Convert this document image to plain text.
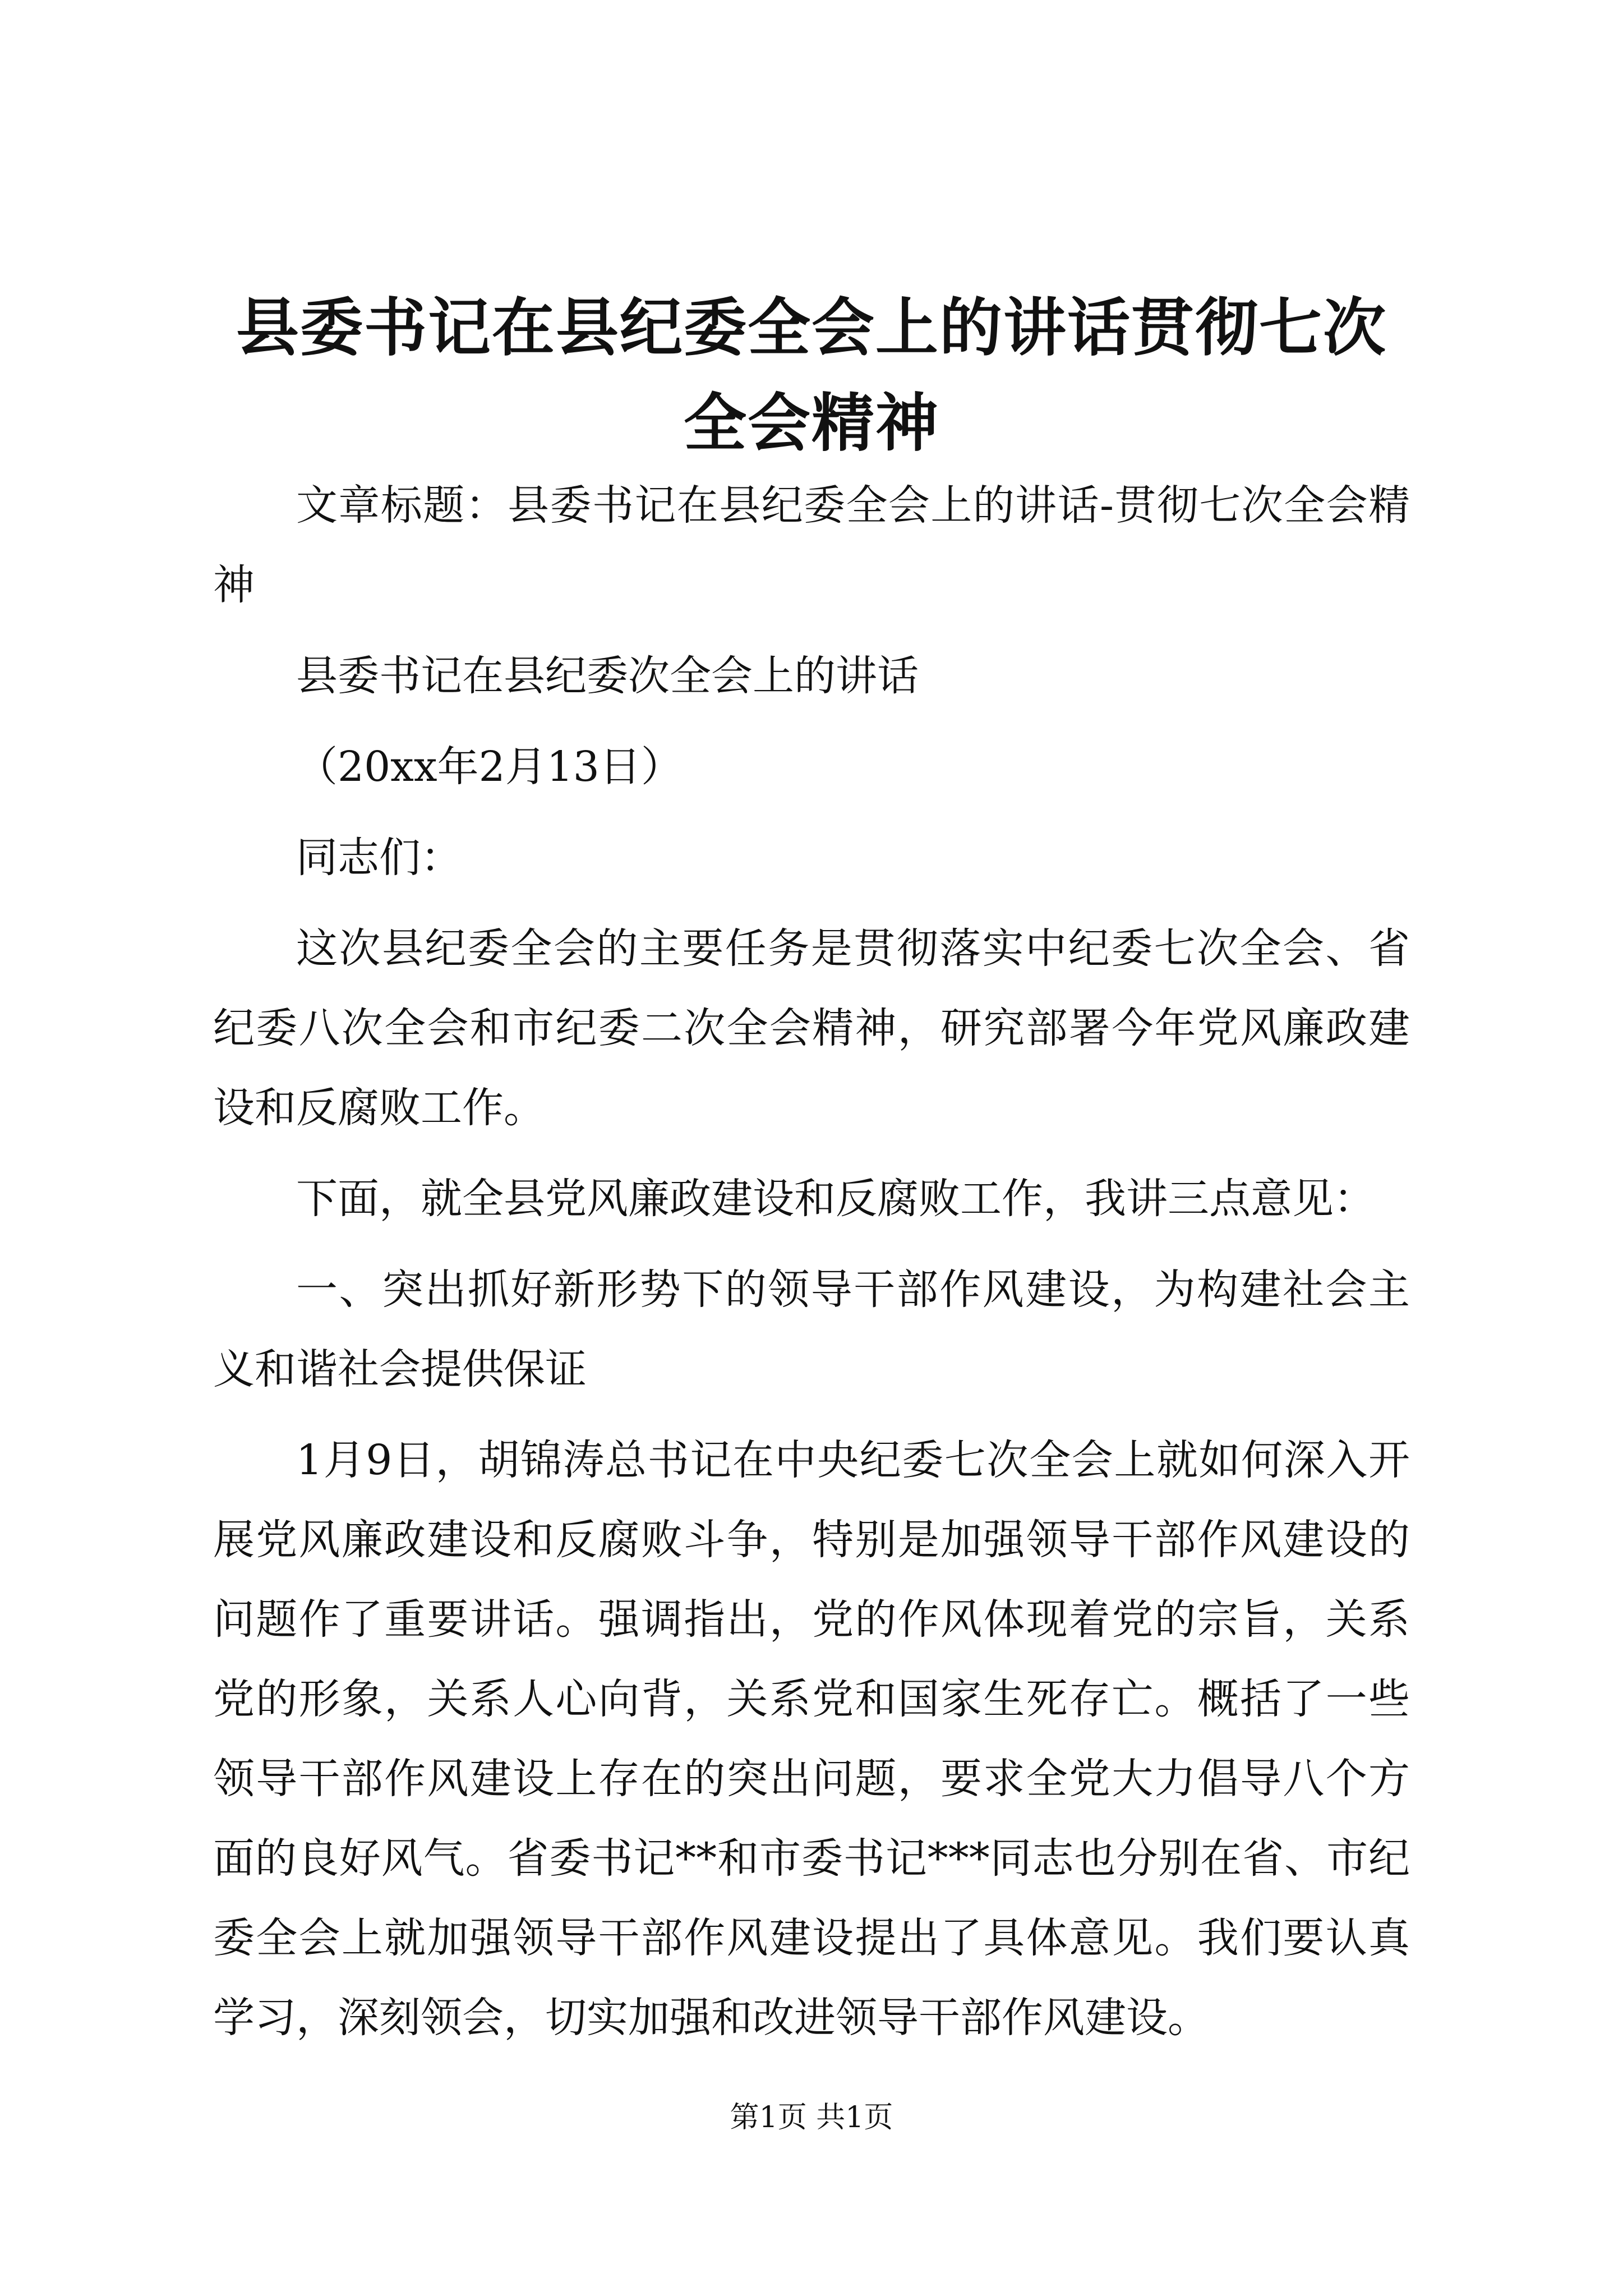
县委书记在县纪委全会上的讲话贯彻七次全会精神

文章标题：县委书记在县纪委全会上的讲话-贯彻七次全会精神

县委书记在县纪委次全会上的讲话

（20xx年2月13日）

同志们：

这次县纪委全会的主要任务是贯彻落实中纪委七次全会、省纪委八次全会和市纪委二次全会精神，研究部署今年党风廉政建设和反腐败工作。

下面，就全县党风廉政建设和反腐败工作，我讲三点意见：

一、突出抓好新形势下的领导干部作风建设，为构建社会主义和谐社会提供保证

1月9日，胡锦涛总书记在中央纪委七次全会上就如何深入开展党风廉政建设和反腐败斗争，特别是加强领导干部作风建设的问题作了重要讲话。强调指出，党的作风体现着党的宗旨，关系党的形象，关系人心向背，关系党和国家生死存亡。概括了一些领导干部作风建设上存在的突出问题，要求全党大力倡导八个方面的良好风气。省委书记**和市委书记***同志也分别在省、市纪委全会上就加强领导干部作风建设提出了具体意见。我们要认真学习，深刻领会，切实加强和改进领导干部作风建设。

第1页 共1页
